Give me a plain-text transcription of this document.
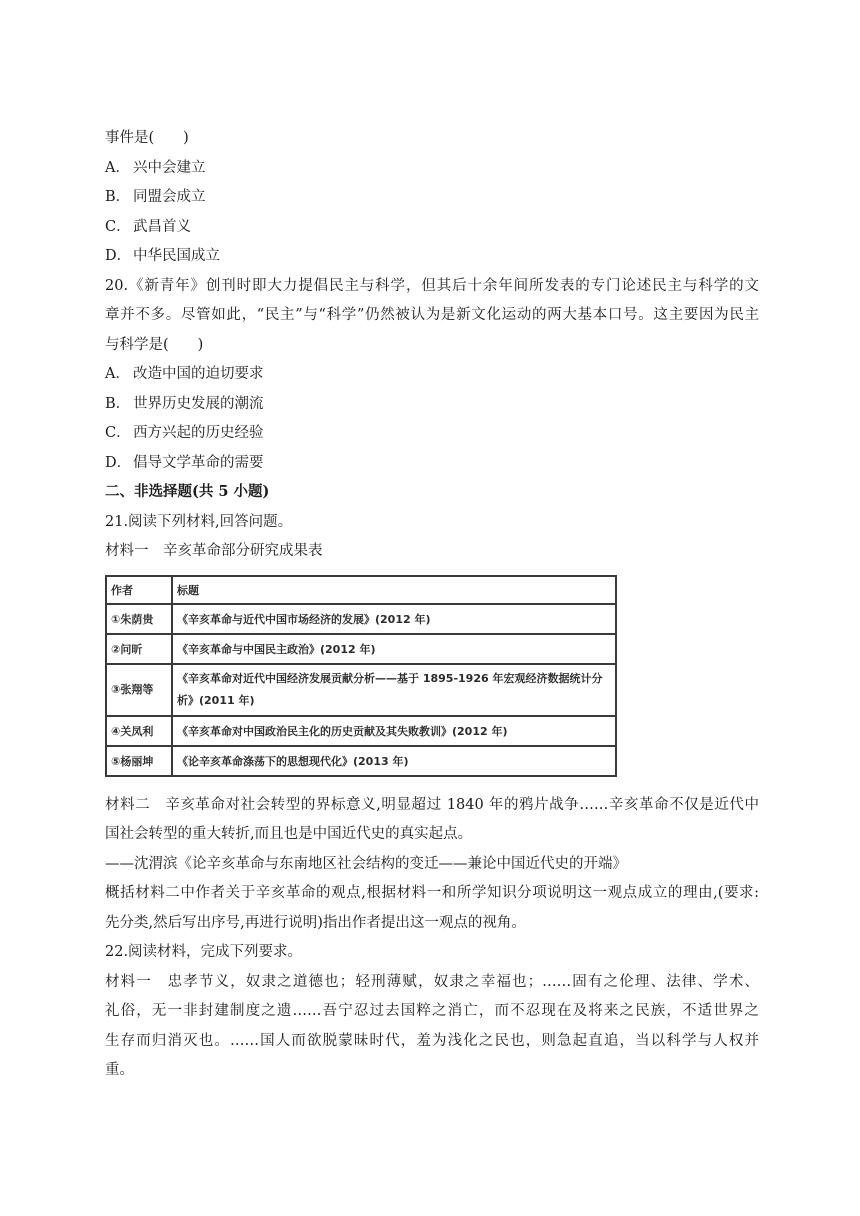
事件是(　　)
A． 兴中会建立
B． 同盟会成立
C． 武昌首义
D． 中华民国成立
20.《新青年》创刊时即大力提倡民主与科学，但其后十余年间所发表的专门论述民主与科学的文
章并不多。尽管如此，“民主”与“科学”仍然被认为是新文化运动的两大基本口号。这主要因为民主
与科学是(　　)
A． 改造中国的迫切要求
B． 世界历史发展的潮流
C． 西方兴起的历史经验
D． 倡导文学革命的需要
二、非选择题(共 5 小题)
21.阅读下列材料,回答问题。
材料一　辛亥革命部分研究成果表
作者	标题
①朱荫贵	《辛亥革命与近代中国市场经济的发展》(2012 年)
②问昕	《辛亥革命与中国民主政治》(2012 年)
③张翔等	《辛亥革命对近代中国经济发展贡献分析——基于 1895-1926 年宏观经济数据统计分析》(2011 年)
④关凤利	《辛亥革命对中国政治民主化的历史贡献及其失败教训》(2012 年)
⑤杨丽坤	《论辛亥革命涤荡下的思想现代化》(2013 年)
材料二　辛亥革命对社会转型的界标意义,明显超过 1840 年的鸦片战争……辛亥革命不仅是近代中
国社会转型的重大转折,而且也是中国近代史的真实起点。
——沈渭滨《论辛亥革命与东南地区社会结构的变迁——兼论中国近代史的开端》
概括材料二中作者关于辛亥革命的观点,根据材料一和所学知识分项说明这一观点成立的理由,(要求:
先分类,然后写出序号,再进行说明)指出作者提出这一观点的视角。
22.阅读材料，完成下列要求。
材料一　忠孝节义，奴隶之道德也；轻刑薄赋，奴隶之幸福也；……固有之伦理、法律、学术、
礼俗，无一非封建制度之遗……吾宁忍过去国粹之消亡，而不忍现在及将来之民族，不适世界之
生存而归消灭也。……国人而欲脱蒙昧时代，羞为浅化之民也，则急起直追，当以科学与人权并
重。
